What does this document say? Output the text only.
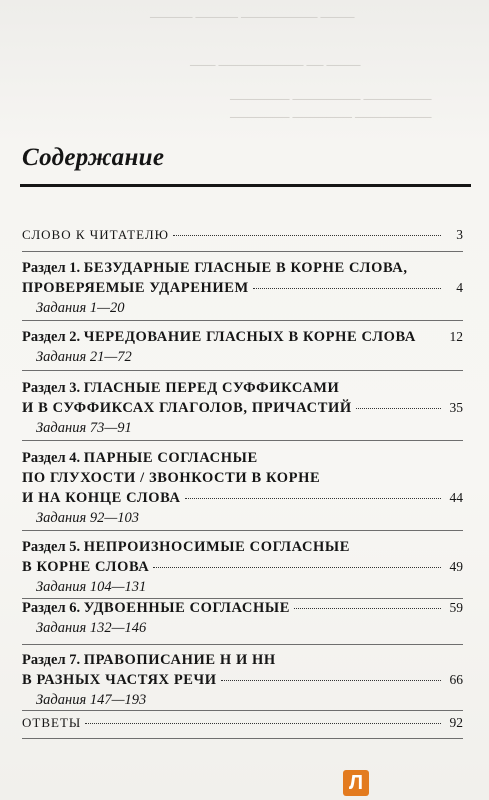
──── ───────── ───── ─────
──── ── ────────── ───
──────── ──────── ───────
───────── ─────── ───────
Содержание
СЛОВО К ЧИТАТЕЛЮ	3
Раздел 1. БЕЗУДАРНЫЕ ГЛАСНЫЕ В КОРНЕ СЛОВА,
ПРОВЕРЯЕМЫЕ УДАРЕНИЕМ	4
Задания 1—20
Раздел 2. ЧЕРЕДОВАНИЕ ГЛАСНЫХ В КОРНЕ СЛОВА 12
Задания 21—72
Раздел 3. ГЛАСНЫЕ ПЕРЕД СУФФИКСАМИ
И В СУФФИКСАХ ГЛАГОЛОВ, ПРИЧАСТИЙ	35
Задания 73—91
Раздел 4. ПАРНЫЕ СОГЛАСНЫЕ
ПО ГЛУХОСТИ / ЗВОНКОСТИ В КОРНЕ
И НА КОНЦЕ СЛОВА	44
Задания 92—103
Раздел 5. НЕПРОИЗНОСИМЫЕ СОГЛАСНЫЕ
В КОРНЕ СЛОВА	49
Задания 104—131
Раздел 6. УДВОЕННЫЕ СОГЛАСНЫЕ	59
Задания 132—146
Раздел 7. ПРАВОПИСАНИЕ Н И НН
В РАЗНЫХ ЧАСТЯХ РЕЧИ	66
Задания 147—193
ОТВЕТЫ	92
Л
